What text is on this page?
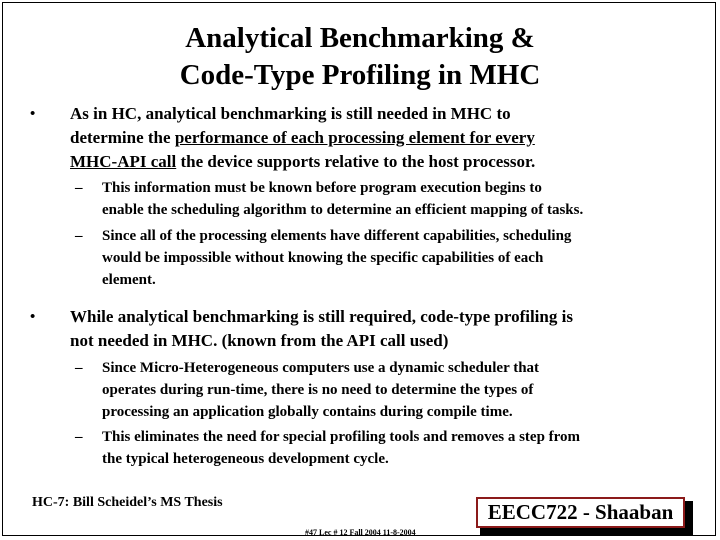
Analytical Benchmarking &
Code-Type Profiling in MHC
• As in HC, analytical benchmarking is still needed in MHC to
determine the performance of each processing element for every
MHC-API call the device supports relative to the host processor.
– This information must be known before program execution begins to
enable the scheduling algorithm to determine an efficient mapping of tasks.
– Since all of the processing elements have different capabilities, scheduling
would be impossible without knowing the specific capabilities of each
element.
• While analytical benchmarking is still required, code-type profiling is
not needed in MHC. (known from the API call used)
– Since Micro-Heterogeneous computers use a dynamic scheduler that
operates during run-time, there is no need to determine the types of
processing an application globally contains during compile time.
– This eliminates the need for special profiling tools and removes a step from
the typical heterogeneous development cycle.
HC-7: Bill Scheidel’s MS Thesis	EECC722 - Shaaban
#47 Lec # 12 Fall 2004 11-8-2004
